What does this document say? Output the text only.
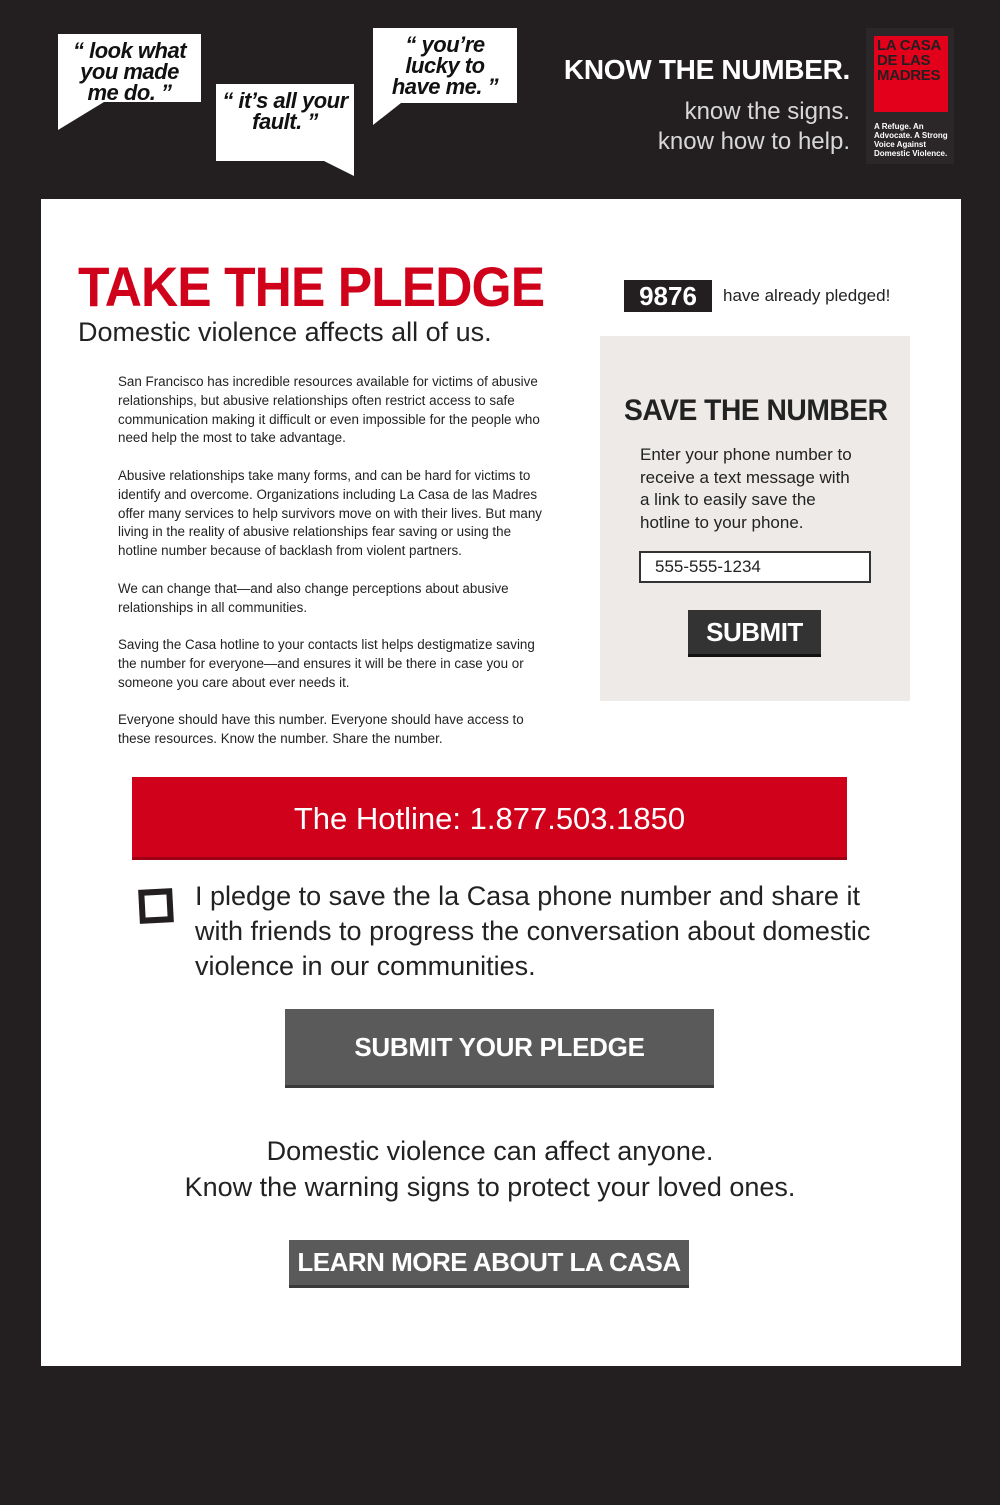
“ look what you made me do. ”	“ it’s all your fault. ”
“ you’re lucky to have me. ”
KNOW THE NUMBER.
know the signs.
know how to help.
LA CASA DE LAS MADRES
A Refuge. An Advocate. A Strong Voice Against Domestic Violence.
TAKE THE PLEDGE
Domestic violence affects all of us.

San Francisco has incredible resources available for victims of abusive relationships, but abusive relationships often restrict access to safe communication making it difficult or even impossible for the people who need help the most to take advantage.

Abusive relationships take many forms, and can be hard for victims to identify and overcome. Organizations including La Casa de las Madres offer many services to help survivors move on with their lives. But many living in the reality of abusive relationships fear saving or using the hotline number because of backlash from violent partners.

We can change that—and also change perceptions about abusive relationships in all communities.

Saving the Casa hotline to your contacts list helps destigmatize saving the number for everyone—and ensures it will be there in case you or someone you care about ever needs it.

Everyone should have this number. Everyone should have access to these resources. Know the number. Share the number.

9876	have already pledged!
SAVE THE NUMBER
Enter your phone number to receive a text message with a link to easily save the hotline to your phone.
555-555-1234
SUBMIT
The Hotline: 1.877.503.1850
I pledge to save the la Casa phone number and share it with friends to progress the conversation about domestic violence in our communities.
SUBMIT YOUR PLEDGE
Domestic violence can affect anyone.
Know the warning signs to protect your loved ones.
LEARN MORE ABOUT LA CASA
